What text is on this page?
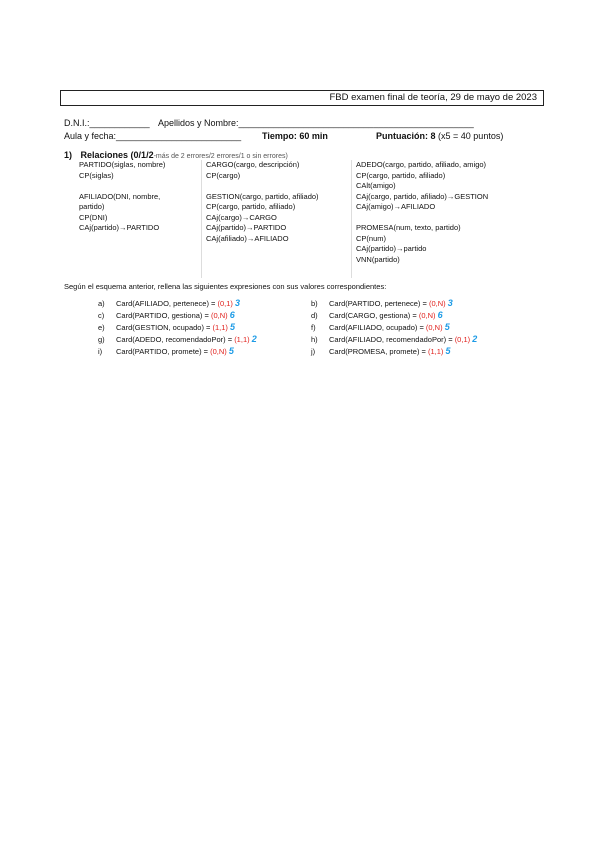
FBD examen final de teoría, 29 de mayo de 2023
D.N.I.:____________ Apellidos y Nombre:_______________________________________________
Aula y fecha:_________________________ Tiempo: 60 min	Puntuación: 8 (x5 = 40 puntos)
1) Relaciones (0/1/2-más de 2 errores/2 errores/1 o sin errores)
PARTIDO(siglas, nombre)
CP(siglas)
AFILIADO(DNI, nombre,
partido)
CP(DNI)
CAj(partido)→PARTIDO
CARGO(cargo, descripción)
CP(cargo)
GESTION(cargo, partido, afiliado)
CP(cargo, partido, afiliado)
CAj(cargo)→CARGO
CAj(partido)→PARTIDO
CAj(afiliado)→AFILIADO
ADEDO(cargo, partido, afiliado, amigo)
CP(cargo, partido, afiliado)
CAlt(amigo)
CAj(cargo, partido, afiliado)→GESTION
CAj(amigo)→AFILIADO
PROMESA(num, texto, partido)
CP(num)
CAj(partido)→partido
VNN(partido)
Según el esquema anterior, rellena las siguientes expresiones con sus valores correspondientes:
a) Card(AFILIADO, pertenece) = (0,1) 3
c) Card(PARTIDO, gestiona) = (0,N) 6
e) Card(GESTION, ocupado) = (1,1) 5
g) Card(ADEDO, recomendadoPor) = (1,1) 2
i) Card(PARTIDO, promete) = (0,N) 5
b) Card(PARTIDO, pertenece) = (0,N) 3
d) Card(CARGO, gestiona) = (0,N) 6
f) Card(AFILIADO, ocupado) = (0,N) 5
h) Card(AFILIADO, recomendadoPor) = (0,1) 2
j) Card(PROMESA, promete) = (1,1) 5
